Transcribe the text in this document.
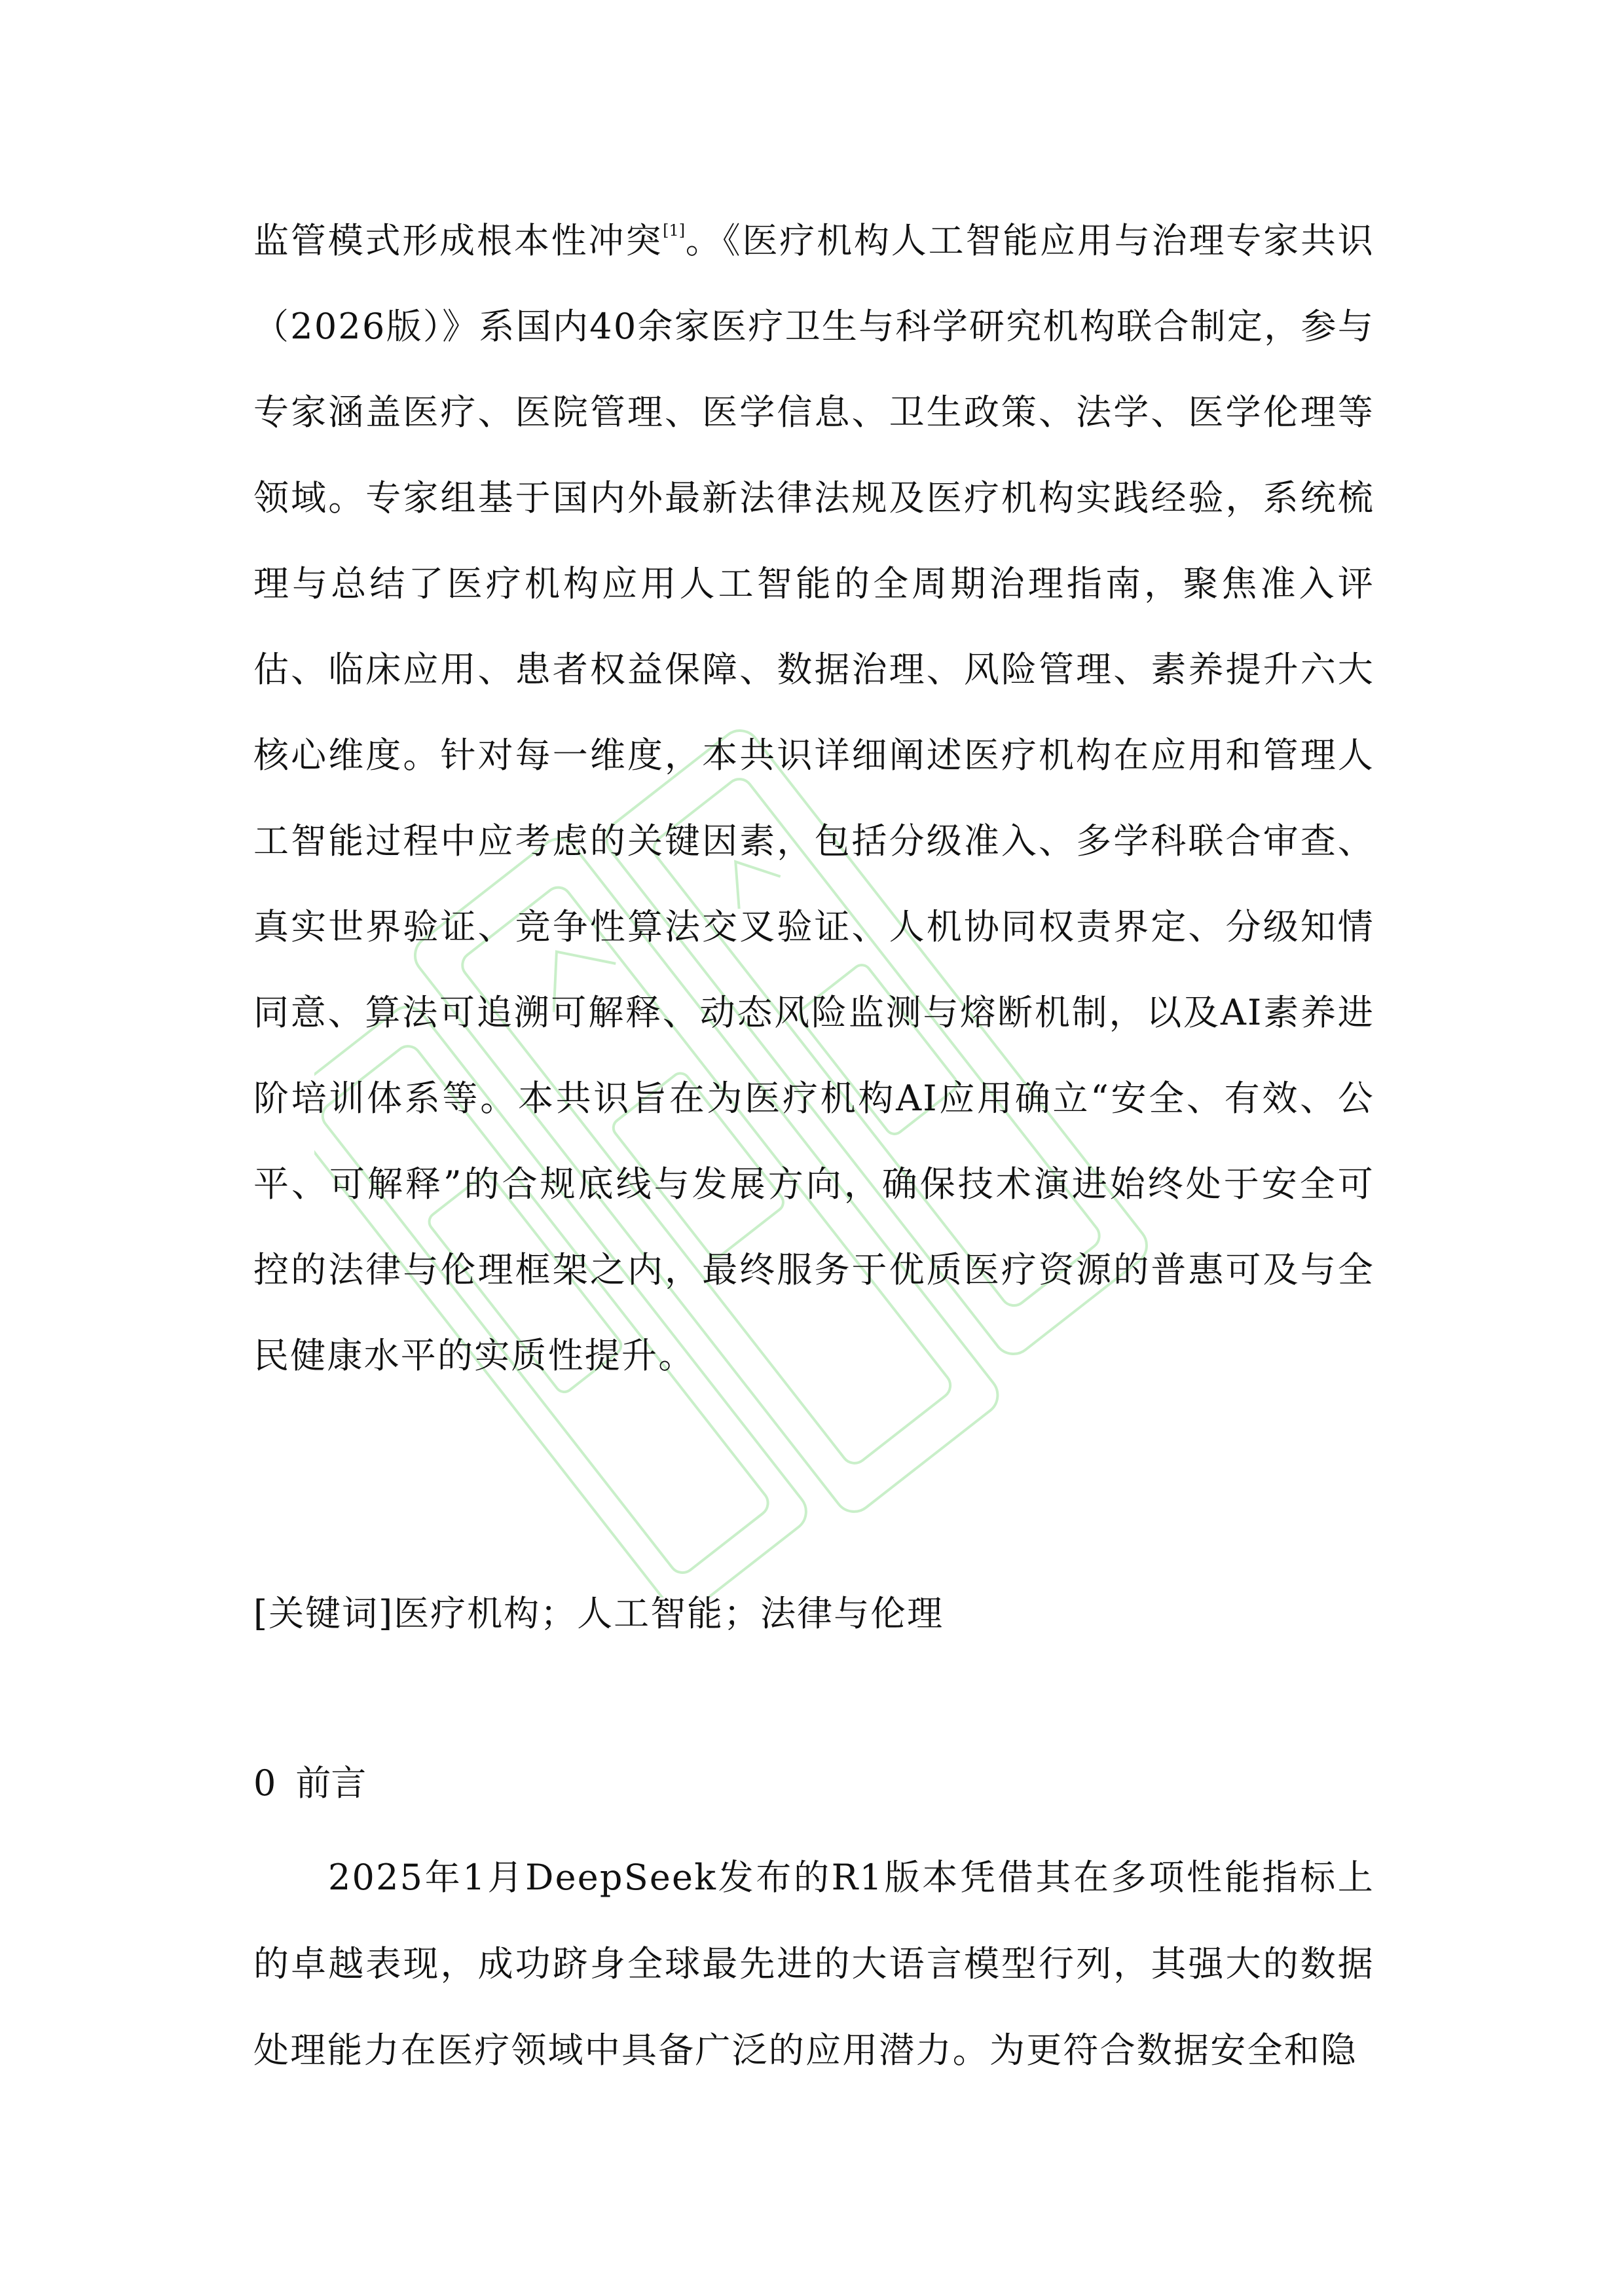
监管模式形成根本性冲突[1]。《医疗机构人工智能应用与治理专家共识（2026版）》系国内40余家医疗卫生与科学研究机构联合制定，参与专家涵盖医疗、医院管理、医学信息、卫生政策、法学、医学伦理等领域。专家组基于国内外最新法律法规及医疗机构实践经验，系统梳理与总结了医疗机构应用人工智能的全周期治理指南，聚焦准入评估、临床应用、患者权益保障、数据治理、风险管理、素养提升六大核心维度。针对每一维度，本共识详细阐述医疗机构在应用和管理人工智能过程中应考虑的关键因素，包括分级准入、多学科联合审查、真实世界验证、竞争性算法交叉验证、人机协同权责界定、分级知情同意、算法可追溯可解释、动态风险监测与熔断机制，以及AI素养进阶培训体系等。本共识旨在为医疗机构AI应用确立“安全、有效、公平、可解释”的合规底线与发展方向，确保技术演进始终处于安全可控的法律与伦理框架之内，最终服务于优质医疗资源的普惠可及与全民健康水平的实质性提升。

[关键词]医疗机构；人工智能；法律与伦理
0 前言

2025年1月DeepSeek发布的R1版本凭借其在多项性能指标上的卓越表现，成功跻身全球最先进的大语言模型行列，其强大的数据处理能力在医疗领域中具备广泛的应用潜力。为更符合数据安全和隐
